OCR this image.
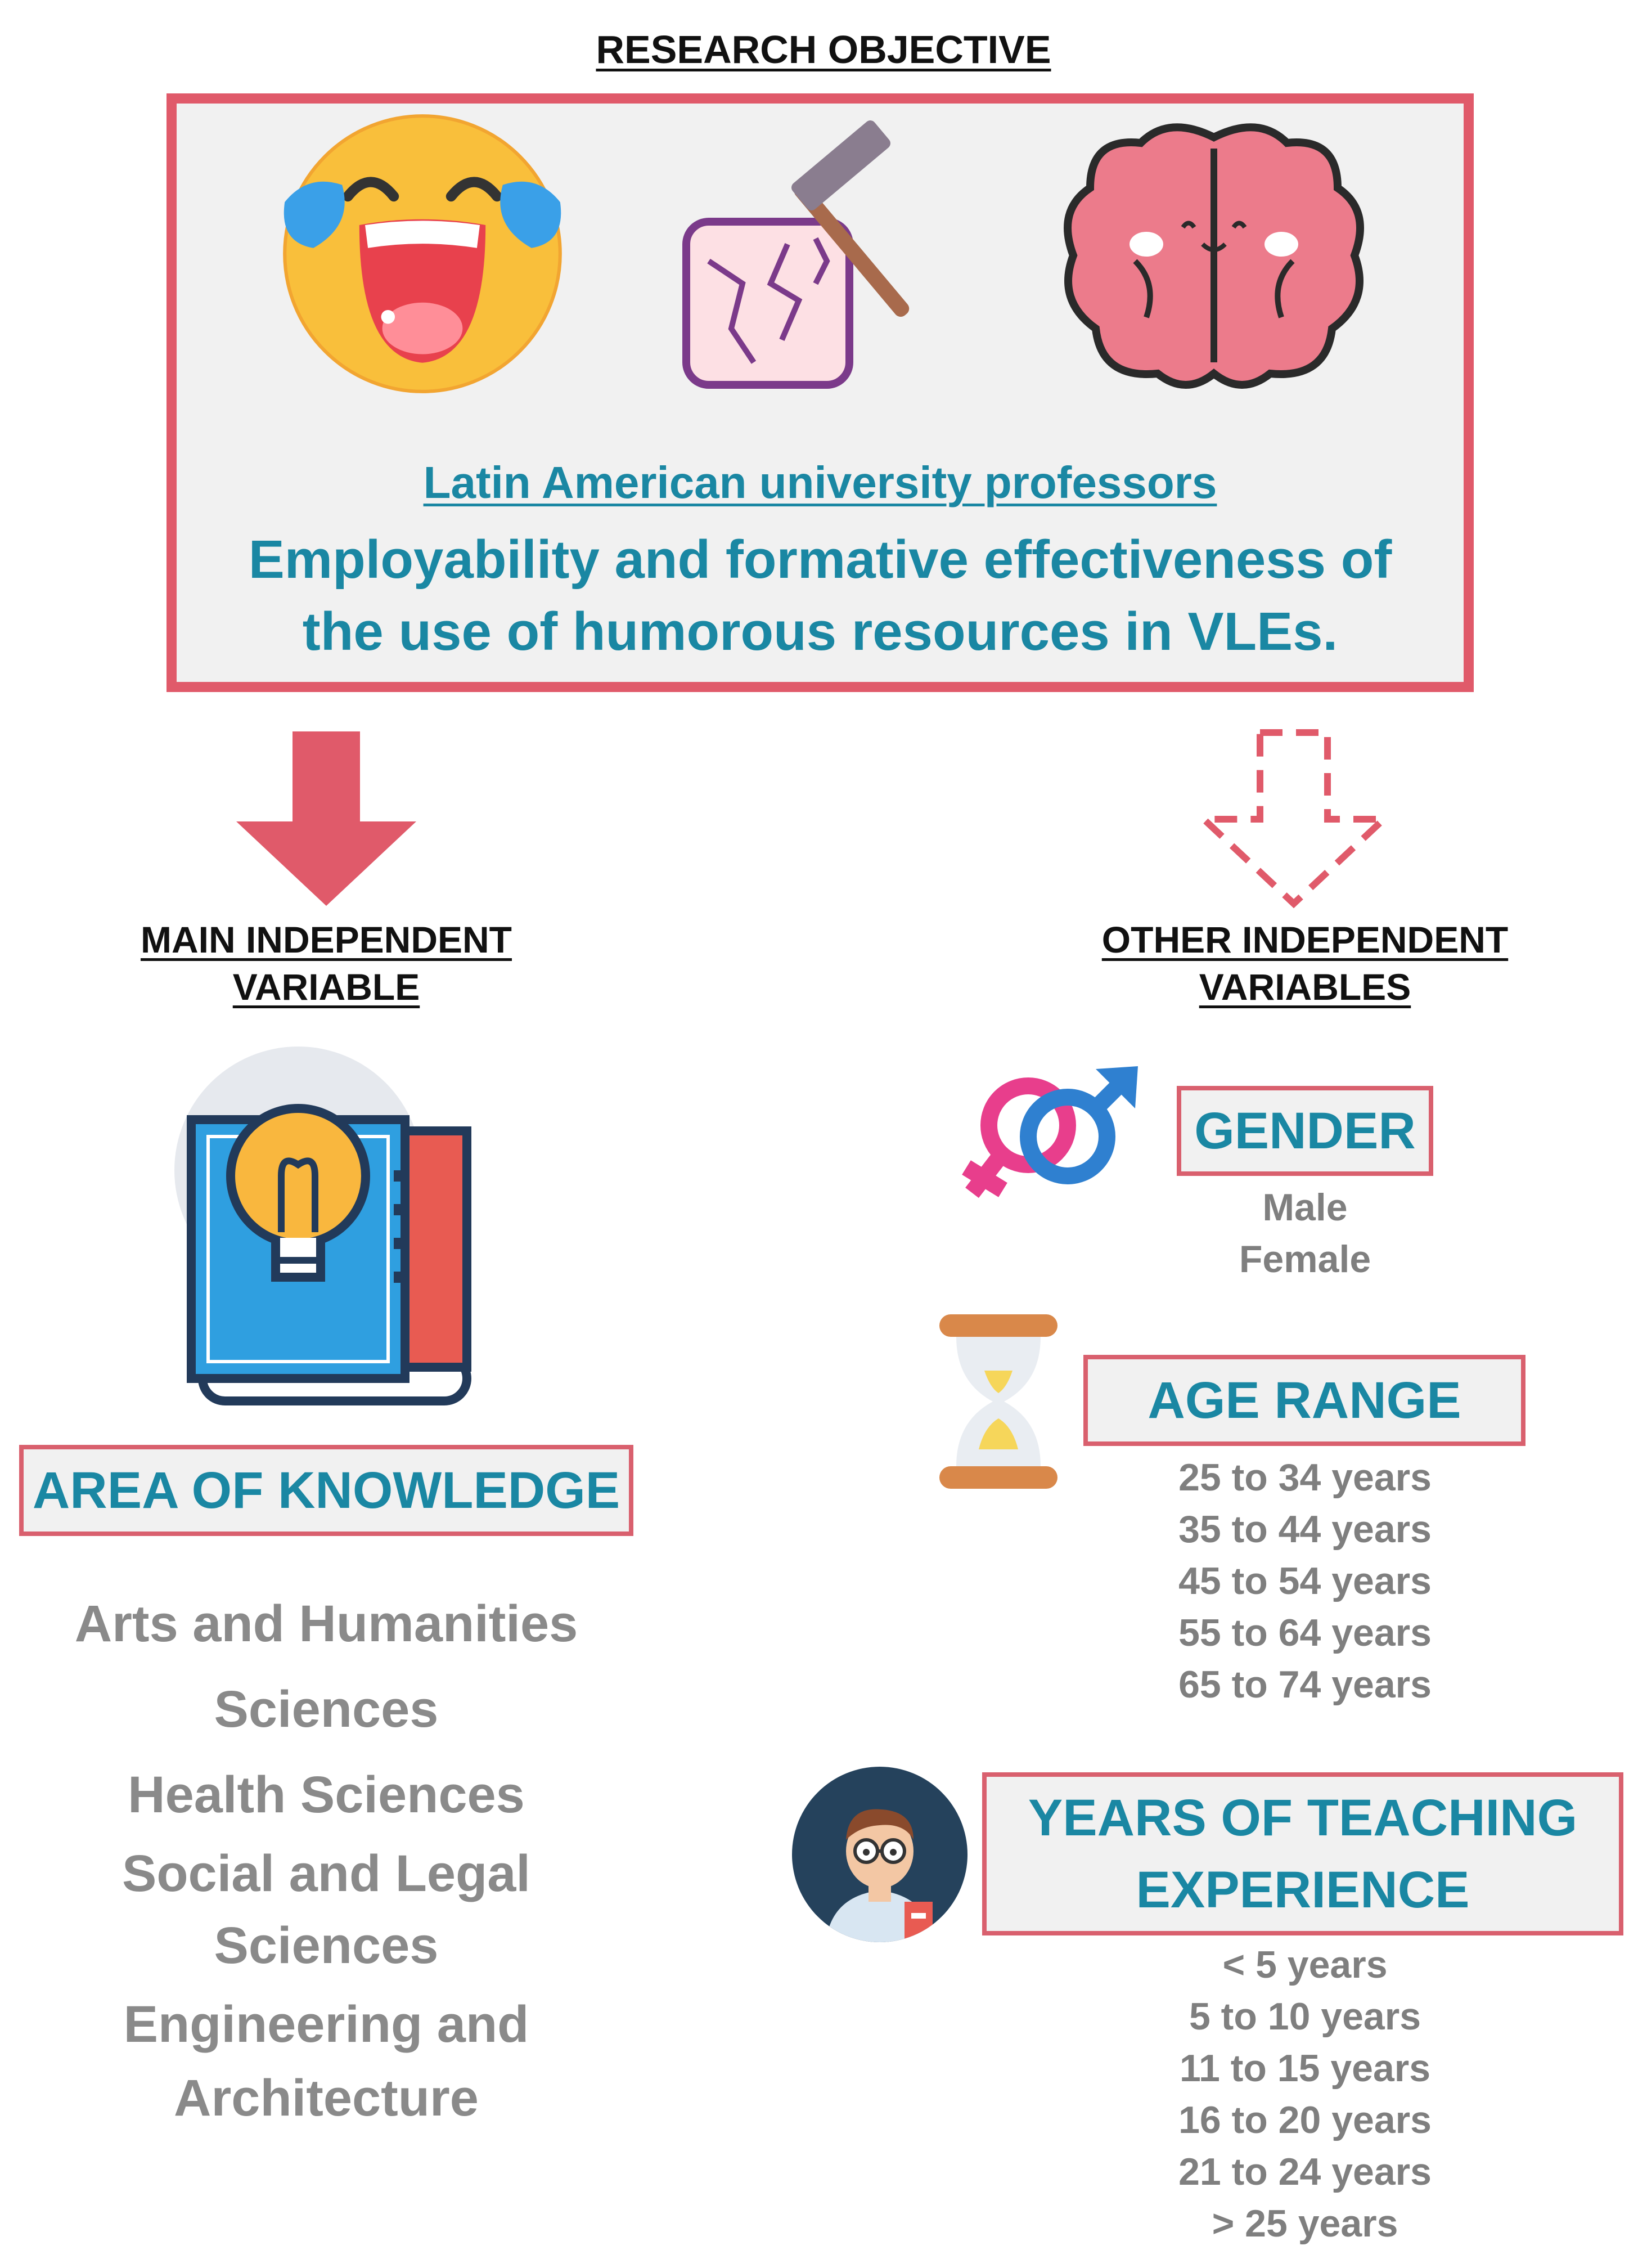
RESEARCH OBJECTIVE
Latin American university professors
Employability and formative effectiveness of
the use of humorous resources in VLEs.
MAIN INDEPENDENT
VARIABLE
OTHER INDEPENDENT
VARIABLES
AREA OF KNOWLEDGE
Arts and Humanities
Sciences
Health Sciences
Social and Legal
Sciences
Engineering and
Architecture
GENDER
Male
Female
AGE RANGE
25 to 34 years
35 to 44 years
45 to 54 years
55 to 64 years
65 to 74 years
YEARS OF TEACHING
EXPERIENCE
< 5 years
5 to 10 years
11 to 15 years
16 to 20 years
21 to 24 years
> 25 years
